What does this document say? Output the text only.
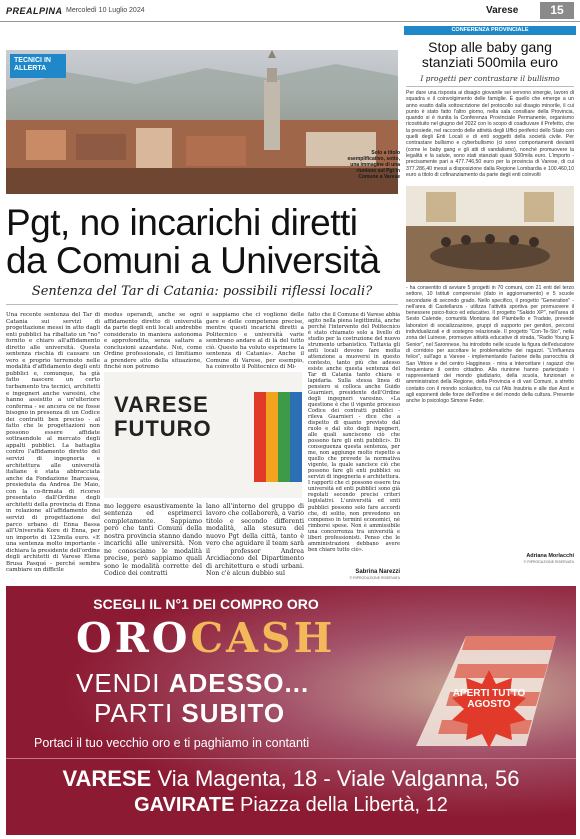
PREALPINA Mercoledì 10 Luglio 2024	Varese	15
TECNICI IN ALLERTA
Solo a titolo esemplificativo, sotto, una immagine di una riunione sul Pgt in Comune a Varese
Pgt, no incarichi diretti
da Comuni a Università
Sentenza del Tar di Catania: possibili riflessi locali?
Una recente sentenza del Tar di Catania sui servizi di progettazione messi in atto dagli enti pubblici ha ribaltato un "no" fornito e chiaro all'affidamento diretto alle università. Questa sentenza rischia di causare un vero e proprio terremoto nelle modalità d'affidamento degli enti pubblici e, comunque, ha già fatto nascere un certo turbamento tra tecnici, architetti e ingegneri anche varesini, che hanno assistito a un'ulteriore conferma - se ancora ce ne fosse bisogno in presenza di un Codice dei contratti ben preciso - al fatto che le progettazioni non possono essere affidate sottraendole al mercato degli appalti pubblici. La battaglia contro l'affidamento diretto del servizi di ingegneria e architettura alle università italiane è stata abbracciata anche da Fondazione Inarcassa, presieduta da Andrea De Maio, con la co-firmata di ricorso presentato dall'Ordine degli architetti della provincia di Enna in relazione all'affidamento dei servizi di progettazione del parco urbano di Enna Bassa all'Università Kore di Enna, per un importo di 123mila euro. «E una sentenza molto importante - dichiara la presidente dell'ordine degli architetti di Varese Elena Brusa Pasqué - perché sembra cambiare un difficile
modus operandi, anche se ogni affidamento diretto di università da parte degli enti locali andrebbe considerato in maniera autonoma e approfondita, senza saltare a conclusioni azzardate. Noi, come Ordine professionale, ci limitiamo a prendere atto della situazione, finché non potremo
e sappiamo che ci vogliono delle gare e delle competenze precise, mentre questi incarichi diretti a Politecnico e università varie sembrano andare al di là del tutto ciò. Questo ha voluto esprimere la sentenza di Catania». Anche il Comune di Varese, per esempio, ha coinvolto il Politecnico di Mi-
fatto che il Comune di Varese abbia agito nella piena legittimità, anche perché l'intervento del Politecnico è stato chiamato solo a livello di studio per la costruzione del nuovo strumento urbanistico. Tuttavia gli enti locali devono fare molta attenzione a muoversi in questo contesto, tanto più che adesso esiste anche questa sentenza del Tar di Catania tanto chiara e lapidaria. Sulla stessa linea di pensiero si colloca anche Guido Guarnieri, presidente dell'Ordine degli ingegneri varesino. «La questione è che il vigente processo Codice dei contratti pubblici - rileva Guarnieri - dice che a dispetto di quanto previsto dal ruolo e dal sito degli ingegneri, alle quali sanciscono ciò che possono fare gli enti pubblici». Di conseguenza questa sentenza, per me, non aggiunge molto rispetto a quello che prevede la normativa vigente, la quale sancisce ciò che possono fare gli enti pubblici su servizi di ingegneria e architettura. I rapporti che ci possono essere tra università ed enti pubblici sono già regolati secondo precisi criteri legislativi. L'università ed enti pubblici possono solo fare accordi che, di solito, non prevedono un compenso in termini economici, né rimborsi spese. Non è ammissibile una concorrenza tra università e liberi professionisti. Penso che le amministrazioni debbano avere ben chiaro tutto ciò».
VARESE
FUTURO
mo leggere esaustivamente la sentenza ed esprimerci completamente. Sappiamo però che tanti Comuni della nostra provincia stanno dando incarichi alle università. Non ne conosciamo le modalità precise, però sappiamo quali sono le modalità corrette del Codice dei contratti
lano all'interno del gruppo di lavoro che collaborerà, a vario titolo e secondo differenti modalità, alla stesura del nuovo Pgt della città, tanto è vero che aguidare il team sarà il professor Andrea Arcidiacono del Dipartimento di architettura e studi urbani. Non c'è alcun dubbio sul	Sabrina Narezzi
© RIPRODUZIONE RISERVATA
CONFERENZA PROVINCIALE
Stop alle baby gang stanziati 500mila euro
I progetti per contrastare il bullismo
Per dare una risposta ai disagio giovanile sei servono sinergie, lavoro di squadra e il coinvolgimento delle famiglie. È quello che emerge a un anno esatto dalla sottoscrizione del protocollo sul disagio minorile, il cui punto è stato fatto l'altro giorno, nella sala consiliare della Provincia, quando si è riunita la Conferenza Provinciale Permanente, organismo ricostituito nel giugno del 2022 con lo scopo di coadiuvare il Prefetto, che la presiede, nel raccordo delle attività degli Uffici periferici dello Stato con quelli degli Enti Locali e di enti soggetti della società civile. Per contrastare bullismo e cyberbullismo (ci sono comportamenti devianti (come le baby gang e gli atti di vandalismo), nonché promuovere la legalità e la salute, sono stati stanziati quasi 500mila euro. L'importo - precisamente pari a 477.746,50 euro per la provincia di Varese, di cui 377.286,40 messi a disposizione dalla Regione Lombardia e 100.460,10 euro a titolo di cofinanziamento da parte degli enti coinvolti
- ha consentito di avviare 5 progetti in 70 comuni, con 21 enti del terzo settore, 10 Istituti comprensivi (dato in aggiornamento) e 5 scuole secondarie di secondo grado. Nello specifico, il progetto "Generation" - nell'area di Castellanza - utilizza l'attività sportiva per promuovere il benessere psico-fisico ed educativo. Il progetto "Sakido XP", nell'area di Sesto Calende, comunità Montana del Piambello e Tradate, prevede laboratori di socializzazione, gruppi di supporto per genitori, percorsi individualizzati e di sostegno relazionale. Il progetto "Con-Te-Sto", nella zona del Luinese, promuove attività educative di strada, "Radio Young E Senior", nel Saronnese, ha introdotto nelle scuole la figura dell'educatore di corridoio per ascoltare le problematiche dei ragazzi. "L'influenza felice", sull'ago a Varese - implementando l'azione della parrocchia di San Vittore e del centro Hagginess - mira a intercettare i ragazzi che frequentano il centro cittadino. Alla riunione hanno partecipato i rappresentanti dei mondo giudiziario, della scuola, funzionari e amministratori della Regione, della Provincia e di vari Comuni, a stretto contatto con il mondo scolastico, tra cui l'Ats Insubria e alle due Asst e agli esponenti delle forze dell'ordine e del mondo della cultura. Presente anche lo psicologo Simone Feder.
Adriana Morlacchi
© RIPRODUZIONE RISERVATA
APERTI TUTTO AGOSTO
SCEGLI IL N°1 DEI COMPRO ORO
OROCASH
VENDI ADESSO...
PARTI SUBITO
Portaci il tuo vecchio oro e ti paghiamo in contanti
VARESE Via Magenta, 18 - Viale Valganna, 56
GAVIRATE Piazza della Libertà, 12
